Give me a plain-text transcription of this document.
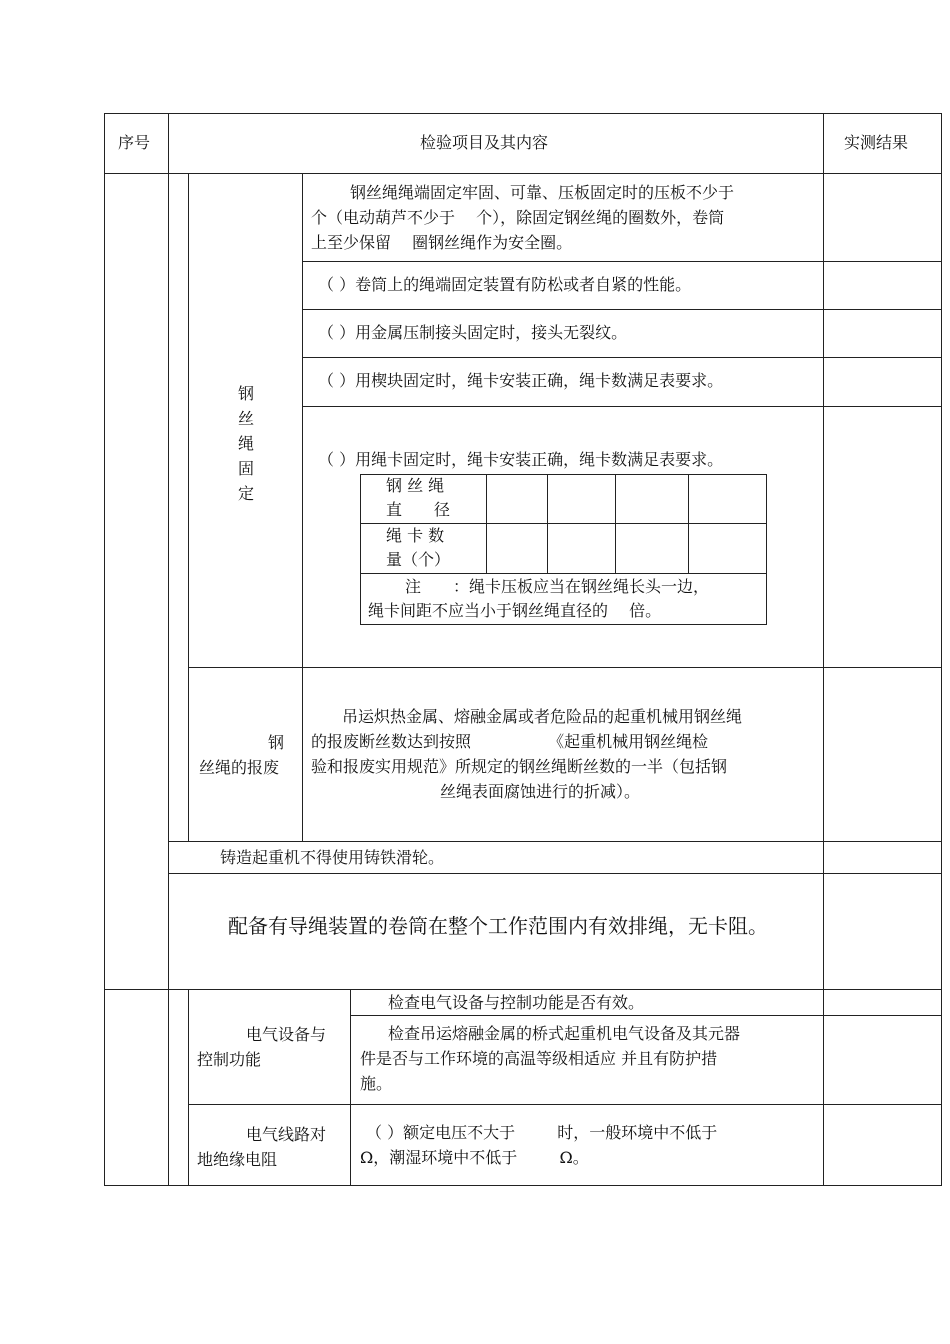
序号	检验项目及其内容	实测结果
钢
丝
绳
固
定
钢丝绳绳端固定牢固、可靠、压板固定时的压板不少于
个（电动葫芦不少于 　个），除固定钢丝绳的圈数外，卷筒
上至少保留 　圈钢丝绳作为安全圈。
（ ）卷筒上的绳端固定装置有防松或者自紧的性能。
（ ）用金属压制接头固定时，接头无裂纹。
（ ）用楔块固定时，绳卡安装正确，绳卡数满足表要求。
（ ）用绳卡固定时，绳卡安装正确，绳卡数满足表要求。
钢 丝 绳
直　　径
绳 卡 数
量（个）
注　　：绳卡压板应当在钢丝绳长头一边，
绳卡间距不应当小于钢丝绳直径的　 倍。
钢
丝绳的报废
吊运炽热金属、熔融金属或者危险品的起重机械用钢丝绳
的报废断丝数达到按照 　　　　　《起重机械用钢丝绳检
验和报废实用规范》所规定的钢丝绳断丝数的一半（包括钢
丝绳表面腐蚀进行的折减）。
铸造起重机不得使用铸铁滑轮。
配备有导绳装置的卷筒在整个工作范围内有效排绳，无卡阻。
电气设备与
控制功能
检查电气设备与控制功能是否有效。
检查吊运熔融金属的桥式起重机电气设备及其元器
件是否与工作环境的高温等级相适应 并且有防护措
施。
电气线路对
地绝缘电阻
（ ）额定电压不大于 　　 时，一般环境中不低于
Ω，潮湿环境中不低于 　　 Ω。
